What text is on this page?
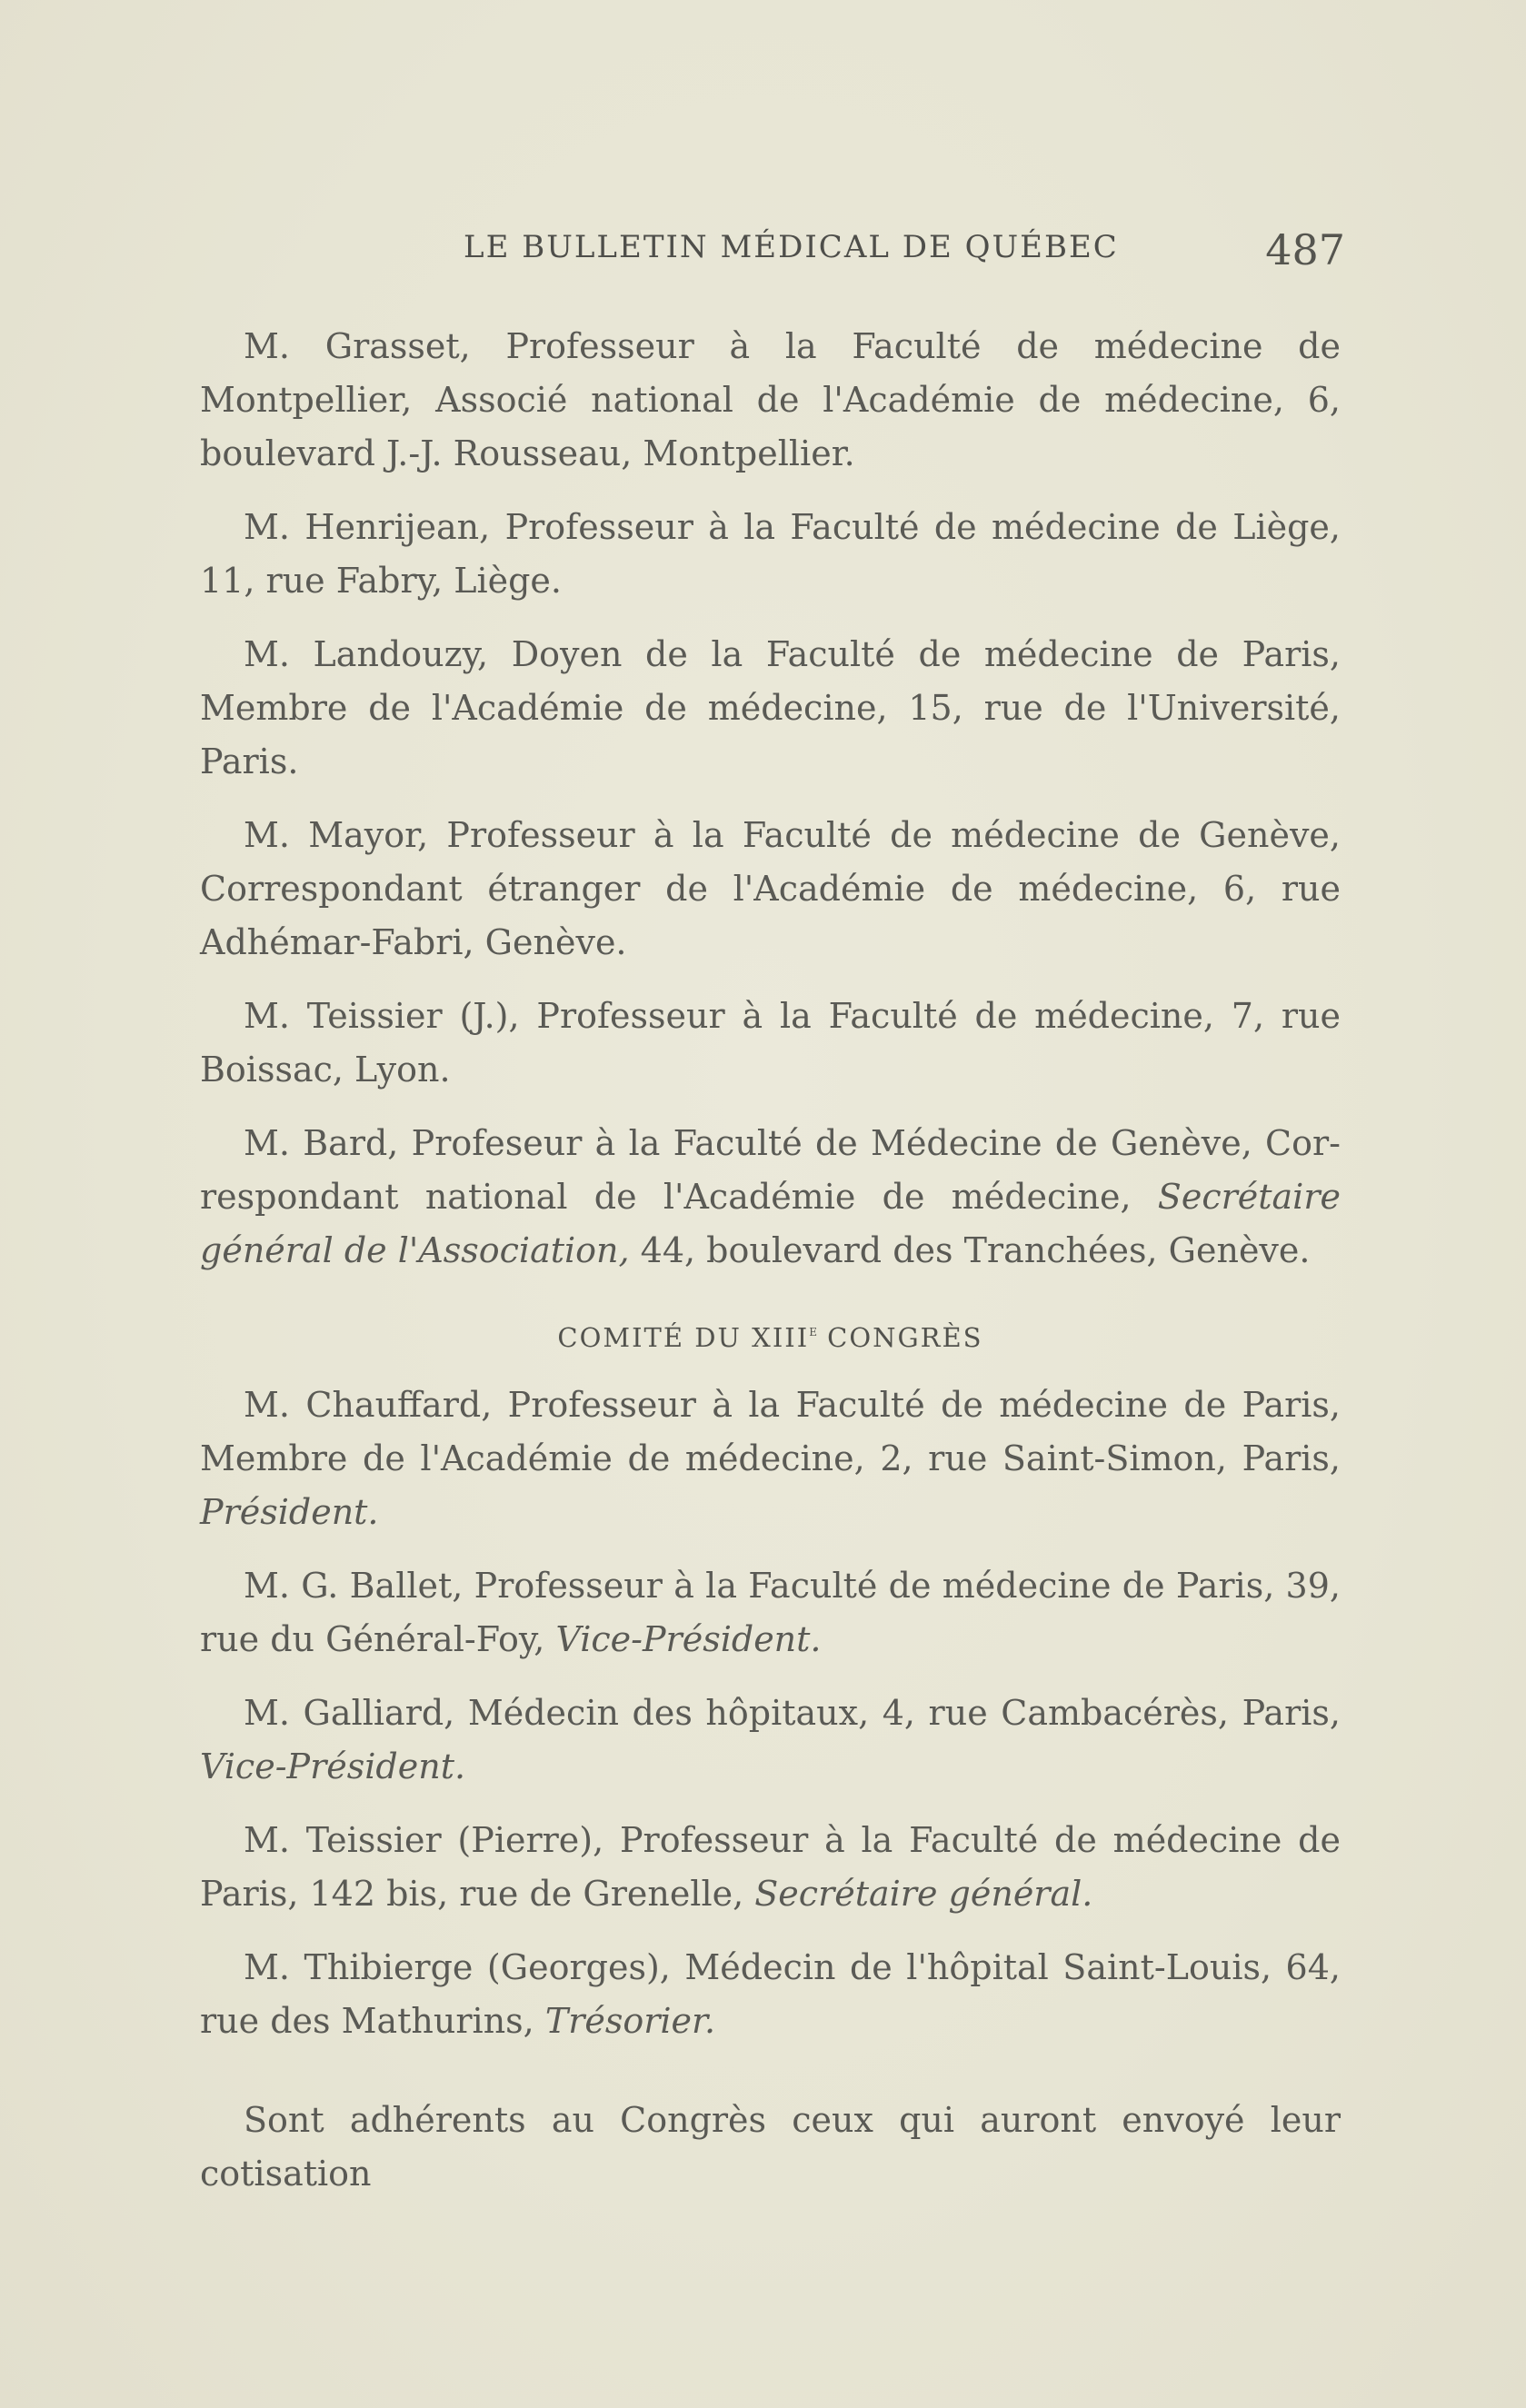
LE BULLETIN MÉDICAL DE QUÉBEC	487

M. Grasset, Professeur à la Faculté de médecine de Montpellier, Associé national de l'Académie de médecine, 6, boulevard J.-J. Rousseau, Montpellier.

M. Henrijean, Professeur à la Faculté de médecine de Liège, 11, rue Fabry, Liège.

M. Landouzy, Doyen de la Faculté de médecine de Paris, Membre de l'Académie de médecine, 15, rue de l'Université, Paris.

M. Mayor, Professeur à la Faculté de médecine de Genève, Correspondant étranger de l'Académie de médecine, 6, rue Adhémar-Fabri, Genève.

M. Teissier (J.), Professeur à la Faculté de médecine, 7, rue Boissac, Lyon.

M. Bard, Profeseur à la Faculté de Médecine de Genève, Correspondant national de l'Académie de médecine, Secrétaire général de l'Association, 44, boulevard des Tranchées, Genève.

COMITÉ DU XIIIe CONGRÈS

M. Chauffard, Professeur à la Faculté de médecine de Paris, Membre de l'Académie de médecine, 2, rue Saint-Simon, Paris, Président.

M. G. Ballet, Professeur à la Faculté de médecine de Paris, 39, rue du Général-Foy, Vice-Président.

M. Galliard, Médecin des hôpitaux, 4, rue Cambacérès, Paris, Vice-Président.

M. Teissier (Pierre), Professeur à la Faculté de médecine de Paris, 142 bis, rue de Grenelle, Secrétaire général.

M. Thibierge (Georges), Médecin de l'hôpital Saint-Louis, 64, rue des Mathurins, Trésorier.

Sont adhérents au Congrès ceux qui auront envoyé leur cotisation
